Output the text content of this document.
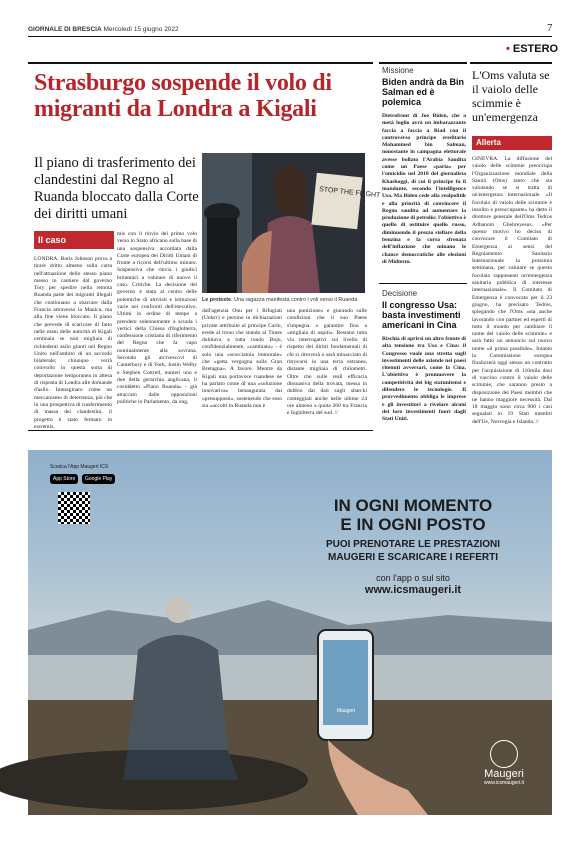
GIORNALE DI BRESCIA Mercoledì 15 giugno 2022	7
• ESTERO
Strasburgo sospende il volo di migranti da Londra a Kigali
Il piano di trasferimento dei clandestini dal Regno al Ruanda bloccato dalla Corte dei diritti umani
Il caso
LONDRA. Boris Johnson prova a tirare dritto almeno sulla carta nell'attuazione dello stesso piano messo in cantiere dal governo Tory per spedire nella remota Ruanda parte dei migranti illegali che continuano a sbarcare dalla Francia attraverso la Manica, ma alla fine viene bloccato. Il piano che prevede di scaricare di fatto nelle mani delle autorità di Kigali centinaia se non migliaia di richiedenti asilo giunti nel Regno Unito nell'ambito di un accordo bilaterale; chiunque verrà coinvolto in questa sorta di deportazione temporanea in attesa di risposta di Londra alle domande d'asilo. Immaginato come un meccanismo di deterrenza, più che in una prospettiva di trasferimento di massa dei clandestini, il progetto è stato fermato in extremis.
mis con il rinvio del primo volo verso lo Stato africano sulla base di una sospensiva accordata dalla Corte europea dei Diritti Umani di fronte a ricorsi dell'ultimo minuto. Sospensiva che rinvia i giudici britannici a valutare di nuovo il caso. Critiche. La decisione del governo è stata al centro delle polemiche di attivisti e istituzioni varie nei confronti dell'esecutivo. Ultimi in ordine di tempo a prendere solennemente a scuola i vertici della Chiesa d'Inghilterra, confessione cristiana di riferimento del Regno che fa capo nominalmente alla sovrana. Secondo gli arcivescovi di Canterbury e di York, Justin Welby e Stephen Cottrell, numeri uno e due della gerarchia anglicana, il cosiddetto «Piano Ruanda» - già attaccato dalle opposizioni politiche in Parlamento, da ong,
dall'agenzia Onu per i Rifugiati (Unhcr) e persino in dichiarazioni private attribuite al principe Carlo, erede al trono che stando al Times dubitava a tutta tondo Bojo, confidenzialmente, «cambiato» - è solo una «scorciatoia immorale» che «getta vergogna sulla Gran Bretagna». A favore. Mentre da Kigali una portavoce ruandese ne ha parlato come di una «soluzione innovativa» benaugurata dai «presupposti», sostenendo che esso sia «accolti in Ruanda non è
una punizione» e giurando sulle condizioni che il suo Paese s'impegna a garantire fino a «migliaia di ospiti». Restano tutta via interrogativi sul livello di rispetto dei diritti fondamentali di chi si ritroverà o sarà minacciato di ritrovarsi in una terra estranea, distante migliaia di chilometri. Oltre che sulle reali efficacia dissuasiva della trovata, messa in dubbio dai dati sugli sbarchi conteggiati anche nelle ultime 24 ore almeno a quota 260 tra Francia e Inghilterra del sud. //
STOP THE FLIGHT
Le proteste. Una ragazza manifesta contro i voli verso il Ruanda
Missione
Biden andrà da Bin Salman ed è polemica
Dietrofront di Joe Biden, che a metà luglio avrà un imbarazzante faccia a faccia a Riad con il controverso principe ereditario Mohammed bin Salman, nonostante in campagna elettorale avesse bollato l'Arabia Saudita come un Paese «paria» per l'omicidio nel 2018 del giornalista Khashoggi, di cui il principe fu il mandante, secondo l'intelligence Usa. Ma Biden cede alla realpolitik e alla priorità di convincere il Regno saudita ad aumentare la produzione di petrolio: l'obiettivo è quello di ostituire quello russo, diminuendo il prezzo stellare della benzina e la corsa sfrenata dell'inflazione che minano le chance democratiche alle elezioni di Midterm.
Decisione
Il congresso Usa: basta investimenti americani in Cina
Rischia di aprirsi un altro fronte di alta tensione tra Usa e Cina: il Congresso vuole una stretta sugli investimenti delle aziende nei paesi ritenuti avversari, come la Cina. L'obiettivo è promuovere la competitività dei big statunitensi e difendere le tecnologie. Il provvedimento obbliga le imprese e gli investitori a rivelare alcuni dei loro investimenti fuori dagli Stati Uniti.
L'Oms valuta se il vaiolo delle scimmie è un'emergenza
Allerta
GINEVRA. La diffusione del vaiolo delle scimmie preoccupa l'Organizzazione mondiale della Sanità (Oms) tanto che sta valutando se si tratta di un'emergenza internazionale. «Il focolaio di vaiolo delle scimmie è insolito e preoccupante» ha detto il direttore generale dell'Oms Tedros Adhanom Ghebreyesus. «Per questo motivo ho deciso di convocare il Comitato di Emergenza ai sensi del Regolamento Sanitario Internazionale la prossima settimana, per valutare se questo focolaio rappresenti un'emergenza sanitaria pubblica di interesse internazionale». Il Comitato di Emergenza è convocato per il 23 giugno, ha precisato Tedros, spiegando che l'Oms «sta anche lavorando con partner ed esperti di tutto il mondo per cambiare il nome del vaiolo delle scimmie» e sarà fatto un annuncio sul nuovo nome «il prima possibile». Intanto la Commissione europea finalizzerà oggi stesso un contratto per l'acquisizione di 110mila dosi di vaccino contro il vaiolo delle scimmie, che saranno presto a disposizione dei Paesi membri che ne hanno maggiore necessità. Dal 18 maggio sono circa 900 i casi segnalati in 19 Stati membri dell'Ue, Norvegia e Islanda. //
Scarica l'App Maugeri ICS
App Store	Google Play
IN OGNI MOMENTO
E IN OGNI POSTO
PUOI PRENOTARE LE PRESTAZIONI
MAUGERI E SCARICARE I REFERTI
con l'app o sul sito
www.icsmaugeri.it
Maugeri
Maugeri
www.icsmaugeri.it
